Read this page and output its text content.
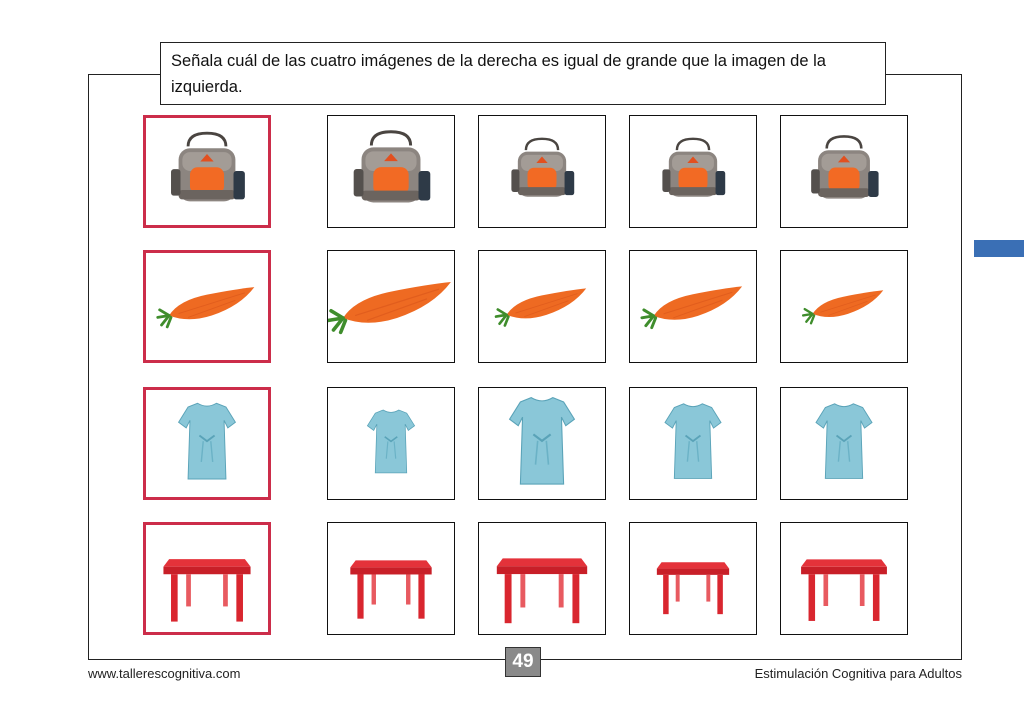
Señala cuál de las cuatro imágenes de la derecha es igual de grande que la imagen de la izquierda.
49
www.tallerescognitiva.com	Estimulación Cognitiva para Adultos
